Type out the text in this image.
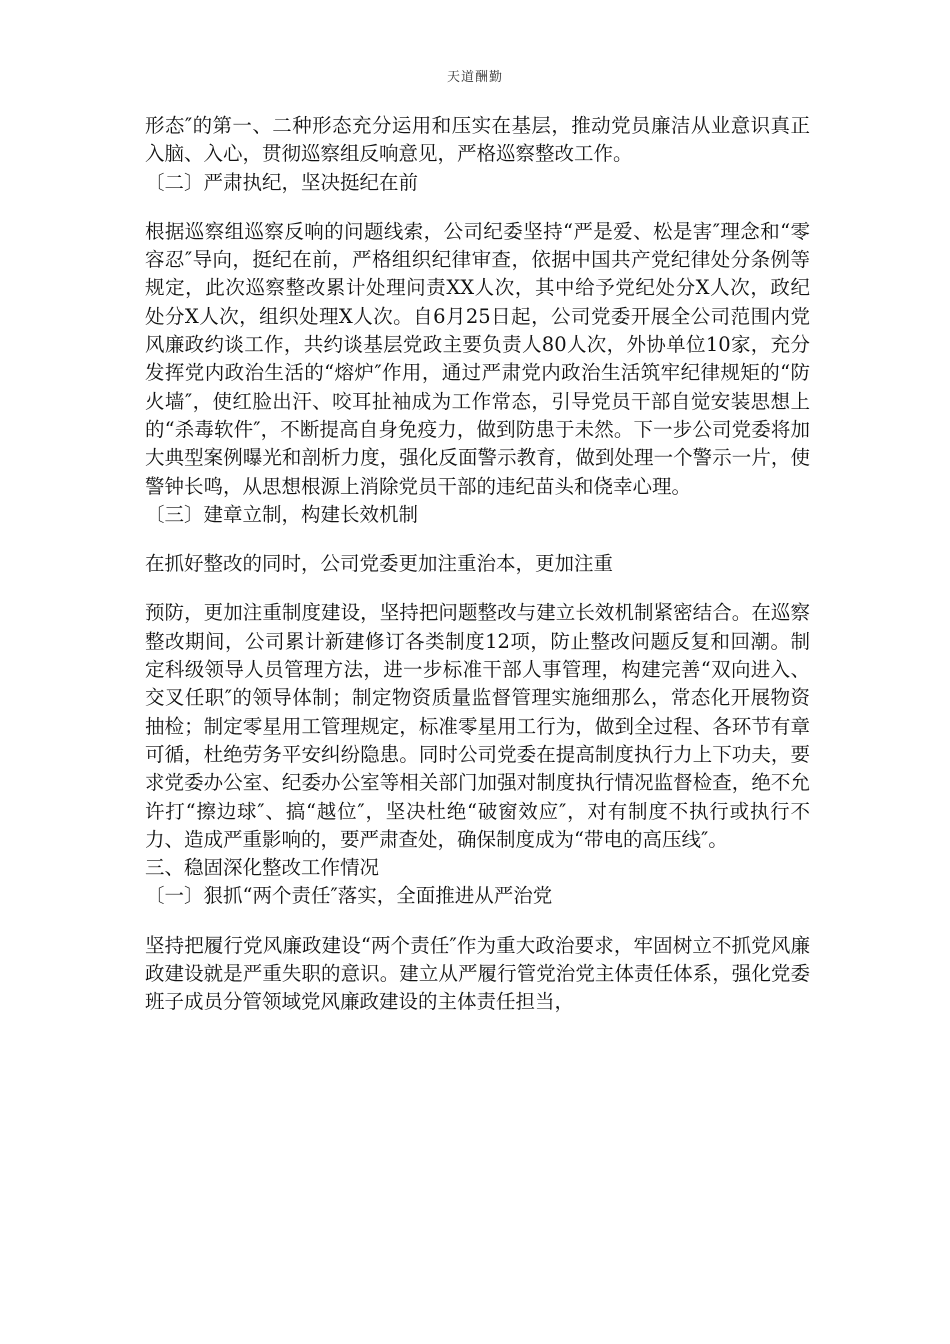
天道酬勤

形态″的第一、二种形态充分运用和压实在基层，推动党员廉洁从业意识真正入脑、入心，贯彻巡察组反响意见，严格巡察整改工作。

〔二〕严肃执纪，坚决挺纪在前

根据巡察组巡察反响的问题线索，公司纪委坚持“严是爱、松是害″理念和“零容忍″导向，挺纪在前，严格组织纪律审查，依据中国共产党纪律处分条例等规定，此次巡察整改累计处理问责XX人次，其中给予党纪处分X人次，政纪处分X人次，组织处理X人次。自6月25日起，公司党委开展全公司范围内党风廉政约谈工作，共约谈基层党政主要负责人80人次，外协单位10家，充分发挥党内政治生活的“熔炉″作用，通过严肃党内政治生活筑牢纪律规矩的“防火墙″，使红脸出汗、咬耳扯袖成为工作常态，引导党员干部自觉安装思想上的“杀毒软件″，不断提高自身免疫力，做到防患于未然。下一步公司党委将加大典型案例曝光和剖析力度，强化反面警示教育，做到处理一个警示一片，使警钟长鸣，从思想根源上消除党员干部的违纪苗头和侥幸心理。

〔三〕建章立制，构建长效机制

在抓好整改的同时，公司党委更加注重治本，更加注重

预防，更加注重制度建设，坚持把问题整改与建立长效机制紧密结合。在巡察整改期间，公司累计新建修订各类制度12项，防止整改问题反复和回潮。制定科级领导人员管理方法，进一步标准干部人事管理，构建完善“双向进入、交叉任职″的领导体制；制定物资质量监督管理实施细那么，常态化开展物资抽检；制定零星用工管理规定，标准零星用工行为，做到全过程、各环节有章可循，杜绝劳务平安纠纷隐患。同时公司党委在提高制度执行力上下功夫，要求党委办公室、纪委办公室等相关部门加强对制度执行情况监督检查，绝不允许打“擦边球″、搞“越位″，坚决杜绝“破窗效应″，对有制度不执行或执行不力、造成严重影响的，要严肃查处，确保制度成为“带电的高压线″。

三、稳固深化整改工作情况

〔一〕狠抓“两个责任″落实，全面推进从严治党

坚持把履行党风廉政建设“两个责任″作为重大政治要求，牢固树立不抓党风廉政建设就是严重失职的意识。建立从严履行管党治党主体责任体系，强化党委班子成员分管领域党风廉政建设的主体责任担当，
